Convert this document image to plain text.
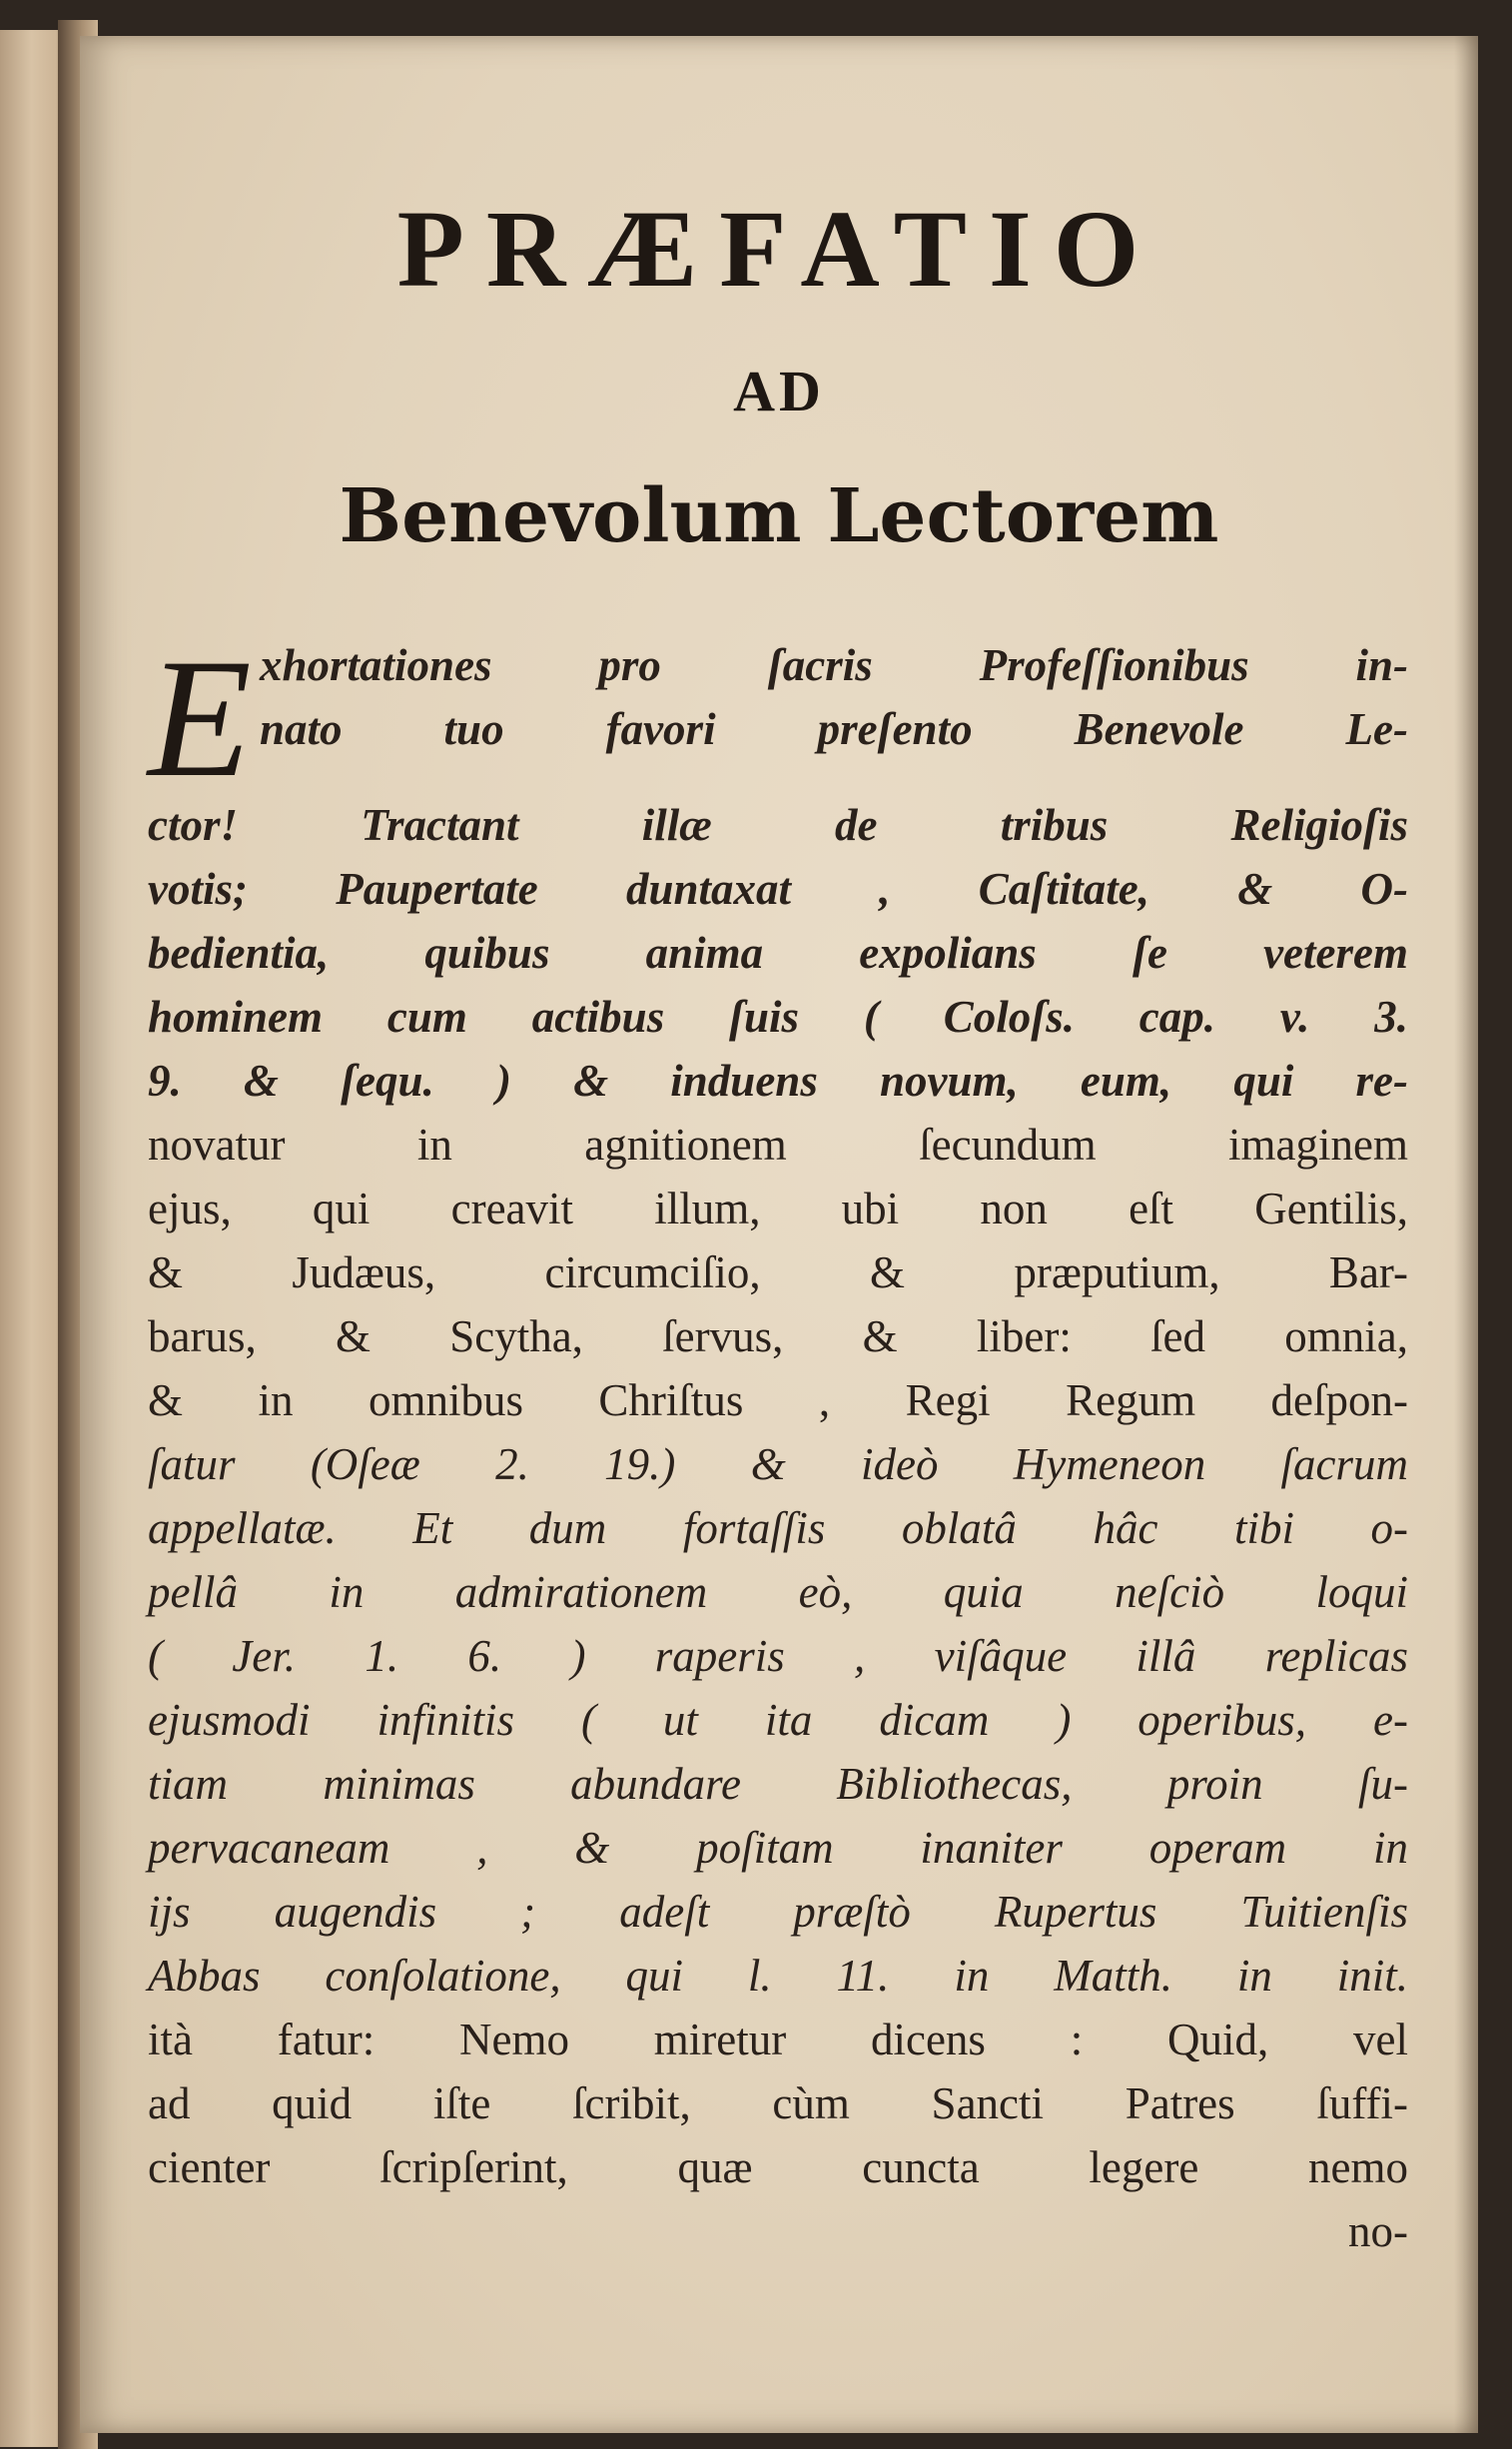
PRÆFATIO
AD
Benevolum Lectorem
E xhortationes pro ſacris Profeſſionibus in-
nato tuo favori preſento Benevole Le-
ctor! Tractant illæ de tribus Religioſis
votis; Paupertate duntaxat , Caſtitate, & O-
bedientia, quibus anima expolians ſe veterem
hominem cum actibus ſuis ( Coloſs. cap. v. 3.
9. & ſequ. ) & induens novum, eum, qui re-
novatur in agnitionem ſecundum imaginem
ejus, qui creavit illum, ubi non eſt Gentilis,
& Judæus, circumciſio, & præputium, Bar-
barus, & Scytha, ſervus, & liber: ſed omnia,
& in omnibus Chriſtus , Regi Regum deſpon-
ſatur (Oſeæ 2. 19.) & ideò Hymeneon ſacrum
appellatæ. Et dum fortaſſis oblatâ hâc tibi o-
pellâ in admirationem eò, quia neſciò loqui
( Jer. 1. 6. ) raperis , viſâque illâ replicas
ejusmodi infinitis ( ut ita dicam ) operibus, e-
tiam minimas abundare Bibliothecas, proin ſu-
pervacaneam , & poſitam inaniter operam in
ijs augendis ; adeſt præſtò Rupertus Tuitienſis
Abbas conſolatione, qui l. 11. in Matth. in init.
ità fatur: Nemo miretur dicens : Quid, vel
ad quid iſte ſcribit, cùm Sancti Patres ſuffi-
cienter ſcripſerint, quæ cuncta legere nemo
no-
